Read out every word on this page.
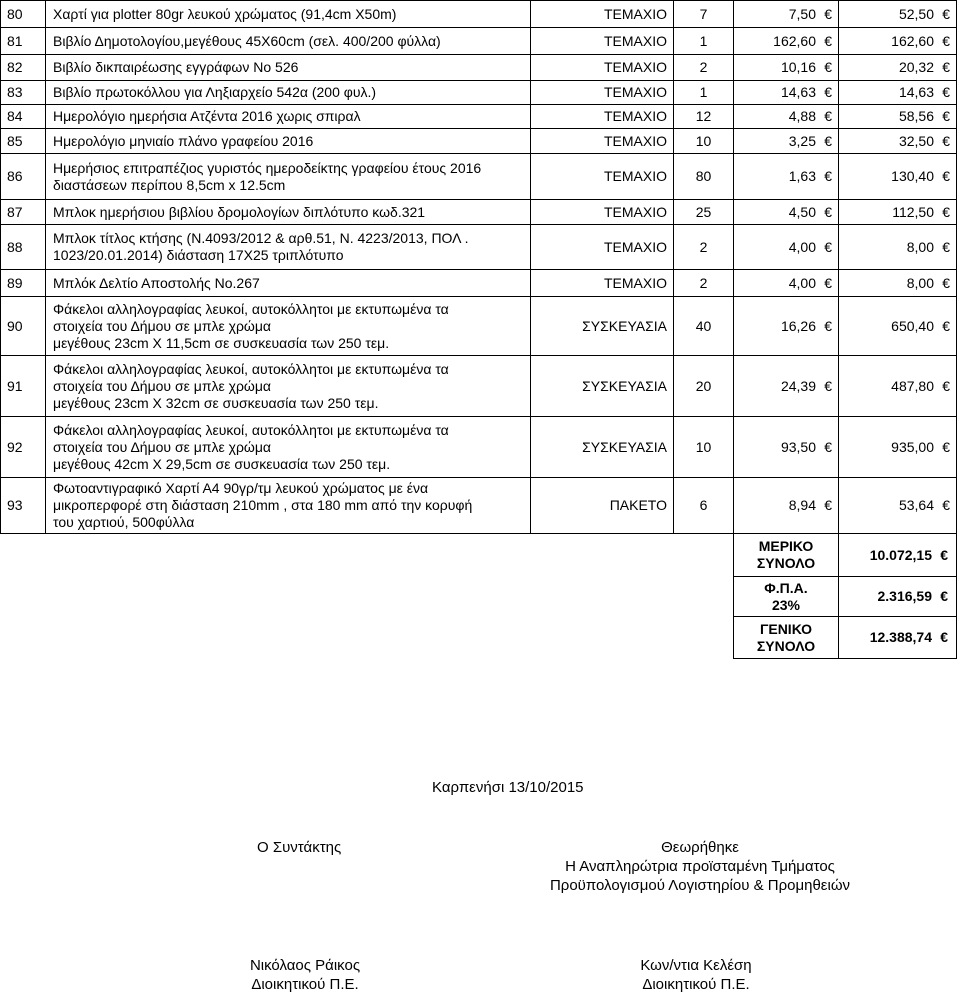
80	Χαρτί για plotter 80gr λευκού χρώματος (91,4cm X50m)	ΤΕΜΑΧΙΟ	7	7,50 €	52,50 €
81	Βιβλίο Δημοτολογίου,μεγέθους 45Χ60cm (σελ. 400/200 φύλλα)	ΤΕΜΑΧΙΟ	1	162,60 €	162,60 €
82	Βιβλίο δικπαιρέωσης εγγράφων Νο 526	ΤΕΜΑΧΙΟ	2	10,16 €	20,32 €
83	Βιβλίο πρωτοκόλλου για Ληξιαρχείο 542α (200 φυλ.)	ΤΕΜΑΧΙΟ	1	14,63 €	14,63 €
84	Ημερολόγιο ημερήσια Ατζέντα 2016 χωρις σπιραλ	ΤΕΜΑΧΙΟ	12	4,88 €	58,56 €
85	Ημερολόγιο μηνιαίο πλάνο γραφείου 2016	ΤΕΜΑΧΙΟ	10	3,25 €	32,50 €
86	Ημερήσιος επιτραπέζιος γυριστός ημεροδείκτης γραφείου έτους 2016
διαστάσεων περίπου 8,5cm x 12.5cm	ΤΕΜΑΧΙΟ	80	1,63 €	130,40 €
87	Μπλοκ ημερήσιου βιβλίου δρομολογίων διπλότυπο κωδ.321	ΤΕΜΑΧΙΟ	25	4,50 €	112,50 €
88	Μπλοκ τίτλος κτήσης (Ν.4093/2012 & αρθ.51, Ν. 4223/2013, ΠΟΛ .
1023/20.01.2014) διάσταση 17Χ25 τριπλότυπο	ΤΕΜΑΧΙΟ	2	4,00 €	8,00 €
89	Μπλόκ Δελτίο Αποστολής Νο.267	ΤΕΜΑΧΙΟ	2	4,00 €	8,00 €
90	Φάκελοι αλληλογραφίας λευκοί, αυτοκόλλητοι με εκτυπωμένα τα
στοιχεία του Δήμου σε μπλε χρώμα
μεγέθους 23cm X 11,5cm σε συσκευασία των 250 τεμ.	ΣΥΣΚΕΥΑΣΙΑ	40	16,26 €	650,40 €
91	Φάκελοι αλληλογραφίας λευκοί, αυτοκόλλητοι με εκτυπωμένα τα
στοιχεία του Δήμου σε μπλε χρώμα
μεγέθους 23cm X 32cm σε συσκευασία των 250 τεμ.	ΣΥΣΚΕΥΑΣΙΑ	20	24,39 €	487,80 €
92	Φάκελοι αλληλογραφίας λευκοί, αυτοκόλλητοι με εκτυπωμένα τα
στοιχεία του Δήμου σε μπλε χρώμα
μεγέθους 42cm X 29,5cm σε συσκευασία των 250 τεμ.	ΣΥΣΚΕΥΑΣΙΑ	10	93,50 €	935,00 €
93	Φωτοαντιγραφικό Χαρτί Α4 90γρ/τμ λευκού χρώματος με ένα
μικροπερφορέ στη διάσταση 210mm , στα 180 mm από την κορυφή
του χαρτιού, 500φύλλα	ΠΑΚΕΤΟ	6	8,94 €	53,64 €

				ΜΕΡΙΚΟ
ΣΥΝΟΛΟ	10.072,15 €

				Φ.Π.Α.
23%	2.316,59 €

				ΓΕΝΙΚΟ
ΣΥΝΟΛΟ	12.388,74 €
Καρπενήσι 13/10/2015
Ο Συντάκτης	Θεωρήθηκε
Η Αναπληρώτρια προϊσταμένη Τμήματος
Προϋπολογισμού Λογιστηρίου & Προμηθειών
Νικόλαος Ράικος
Διοικητικού Π.Ε.
Κων/ντια Κελέση
Διοικητικού Π.Ε.
